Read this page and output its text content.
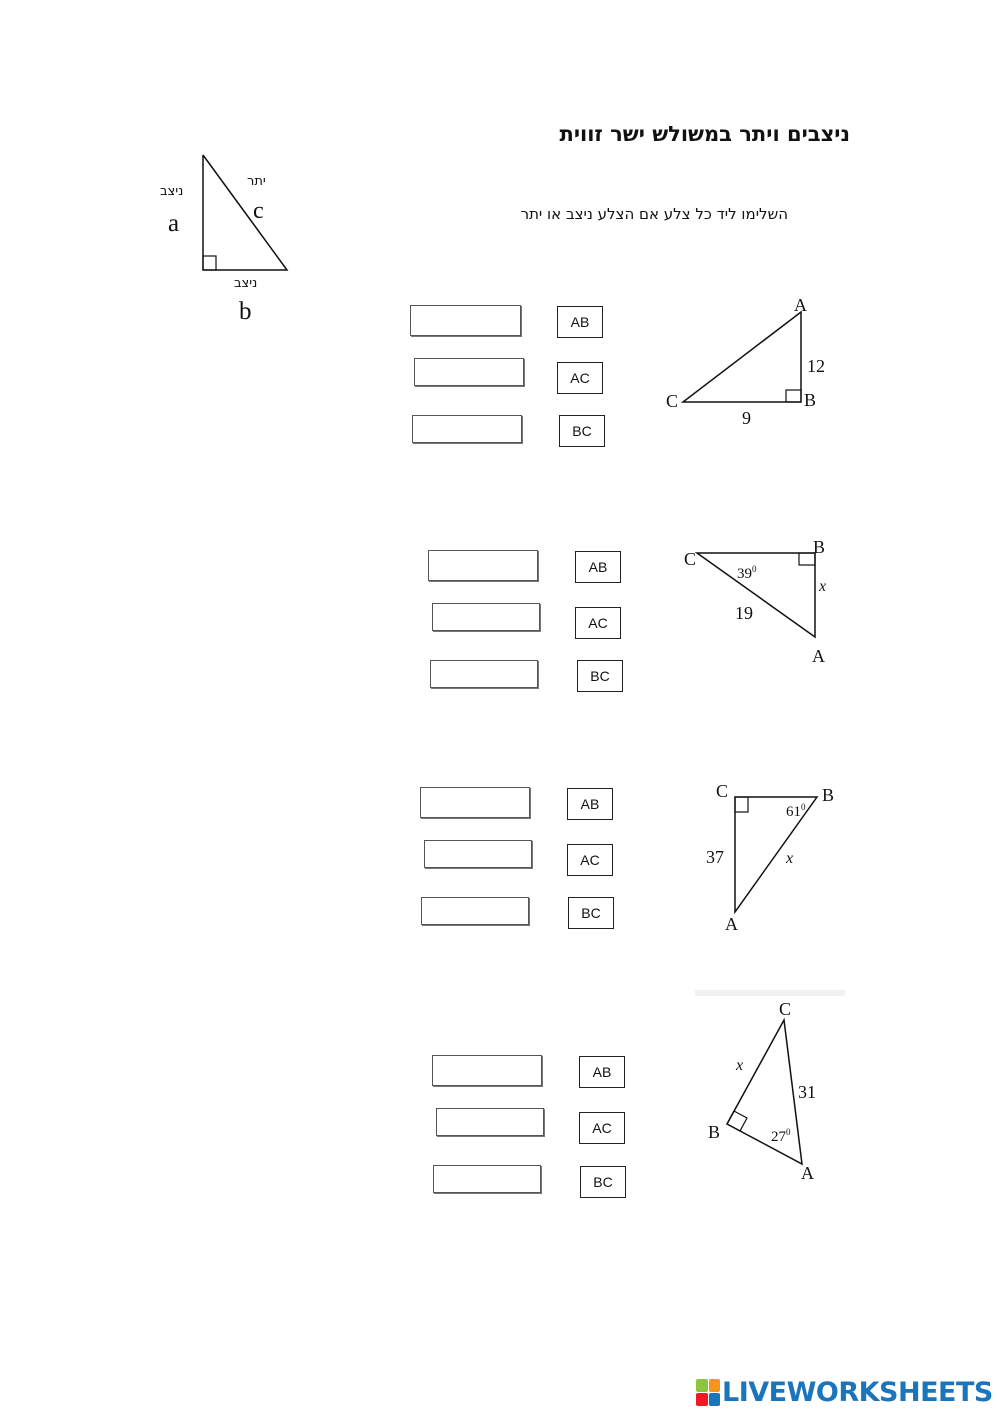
ניצבים ויתר במשולש ישר זווית
השלימו ליד כל צלע אם הצלע ניצב או יתר
ניצב
a
יתר
c
ניצב
b	AB
AC
BC
A
B
C
12
9
AB
AC
BC
C
B
A
$39^0$
19
x
AB
AC
BC
C	B
A
$61^0$
37	x
AB
AC
BC
C
B
A
$27^0$
x
31
LIVEWORKSHEETS
